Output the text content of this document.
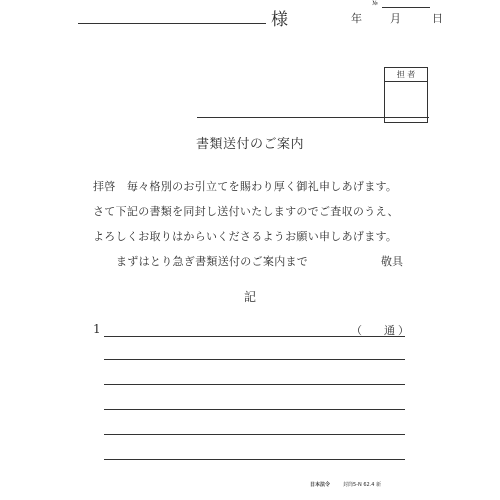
様
№
年	月	日
担 者
書類送付のご案内
拝啓　毎々格別のお引立てを賜わり厚く御礼申しあげます。
さて下記の書類を同封し送付いたしますのでご査収のうえ、
よろしくお取りはからいくださるようお願い申しあげます。
まずはとり急ぎ書類送付のご案内まで	敬具
記
1	（ 通 ）
日本法令	封筒5-N 62.4 新
